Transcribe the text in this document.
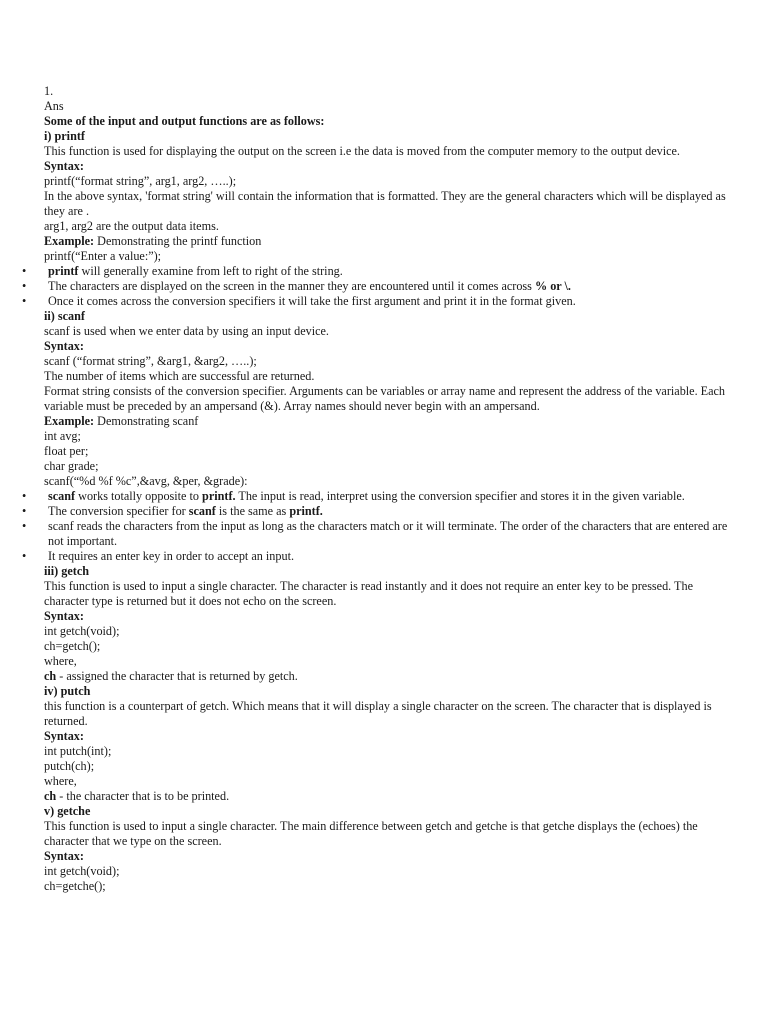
1.
Ans
Some of the input and output functions are as follows:
i) printf
This function is used for displaying the output on the screen i.e the data is moved from the computer memory to the output device.
Syntax:
printf(“format string”, arg1, arg2, …..);
In the above syntax, 'format string' will contain the information that is formatted. They are the general characters which will be displayed as they are .
arg1, arg2 are the output data items.
Example: Demonstrating the printf function
printf(“Enter a value:”);
• printf will generally examine from left to right of the string.
• The characters are displayed on the screen in the manner they are encountered until it comes across % or \.
• Once it comes across the conversion specifiers it will take the first argument and print it in the format given.
ii) scanf
scanf is used when we enter data by using an input device.
Syntax:
scanf (“format string”, &arg1, &arg2, …..);
The number of items which are successful are returned.
Format string consists of the conversion specifier. Arguments can be variables or array name and represent the address of the variable. Each variable must be preceded by an ampersand (&). Array names should never begin with an ampersand.
Example: Demonstrating scanf
int avg;
float per;
char grade;
scanf(“%d %f %c”,&avg, &per, &grade):
• scanf works totally opposite to printf. The input is read, interpret using the conversion specifier and stores it in the given variable.
• The conversion specifier for scanf is the same as printf.
• scanf reads the characters from the input as long as the characters match or it will terminate. The order of the characters that are entered are not important.
• It requires an enter key in order to accept an input.
iii) getch
This function is used to input a single character. The character is read instantly and it does not require an enter key to be pressed. The character type is returned but it does not echo on the screen.
Syntax:
int getch(void);
ch=getch();
where,
ch - assigned the character that is returned by getch.
iv) putch
this function is a counterpart of getch. Which means that it will display a single character on the screen. The character that is displayed is returned.
Syntax:
int putch(int);
putch(ch);
where,
ch - the character that is to be printed.
v) getche
This function is used to input a single character. The main difference between getch and getche is that getche displays the (echoes) the character that we type on the screen.
Syntax:
int getch(void);
ch=getche();
